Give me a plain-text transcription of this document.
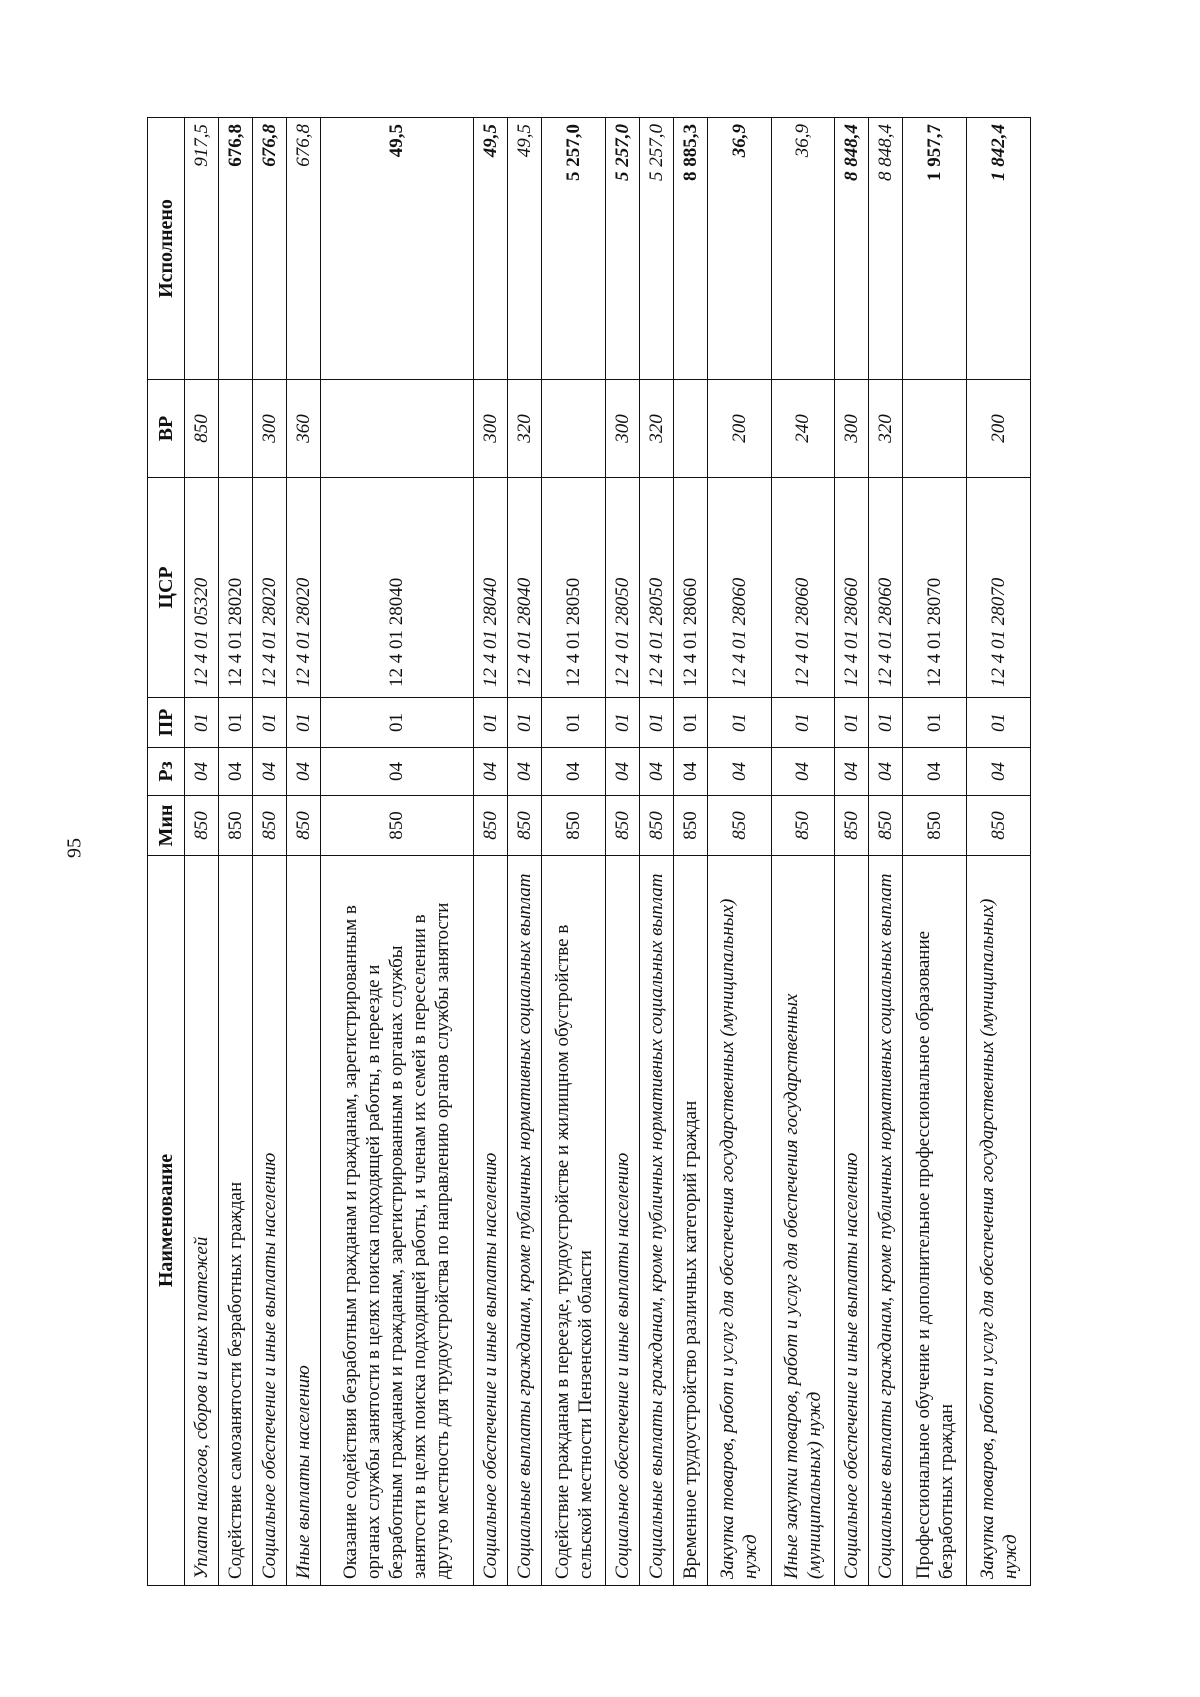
95
Наименование	Мин	Рз	ПР	ЦСР	ВР	Исполнено
Уплата налогов, сборов и иных платежей	850	04	01	12 4 01 05320	850	917,5
Содействие самозанятости безработных граждан	850	04	01	12 4 01 28020		676,8
Социальное обеспечение и иные выплаты населению	850	04	01	12 4 01 28020	300	676,8
Иные выплаты населению	850	04	01	12 4 01 28020	360	676,8
Оказание содействия безработным гражданам и гражданам, зарегистрированным в органах службы занятости в целях поиска подходящей работы, в переезде и безработным гражданам и гражданам, зарегистрированным в органах службы занятости в целях поиска подходящей работы, и членам их семей в переселении в другую местность для трудоустройства по направлению органов службы занятости	850	04	01	12 4 01 28040		49,5
Социальное обеспечение и иные выплаты населению	850	04	01	12 4 01 28040	300	49,5
Социальные выплаты гражданам, кроме публичных нормативных социальных выплат	850	04	01	12 4 01 28040	320	49,5
Содействие гражданам в переезде, трудоустройстве и жилищном обустройстве в сельской местности Пензенской области	850	04	01	12 4 01 28050		5 257,0
Социальное обеспечение и иные выплаты населению	850	04	01	12 4 01 28050	300	5 257,0
Социальные выплаты гражданам, кроме публичных нормативных социальных выплат	850	04	01	12 4 01 28050	320	5 257,0
Временное трудоустройство различных категорий граждан	850	04	01	12 4 01 28060		8 885,3
Закупка товаров, работ и услуг для обеспечения государственных (муниципальных) нужд	850	04	01	12 4 01 28060	200	36,9
Иные закупки товаров, работ и услуг для обеспечения государственных (муниципальных) нужд	850	04	01	12 4 01 28060	240	36,9
Социальное обеспечение и иные выплаты населению	850	04	01	12 4 01 28060	300	8 848,4
Социальные выплаты гражданам, кроме публичных нормативных социальных выплат	850	04	01	12 4 01 28060	320	8 848,4
Профессиональное обучение и дополнительное профессиональное образование безработных граждан	850	04	01	12 4 01 28070		1 957,7
Закупка товаров, работ и услуг для обеспечения государственных (муниципальных) нужд	850	04	01	12 4 01 28070	200	1 842,4
